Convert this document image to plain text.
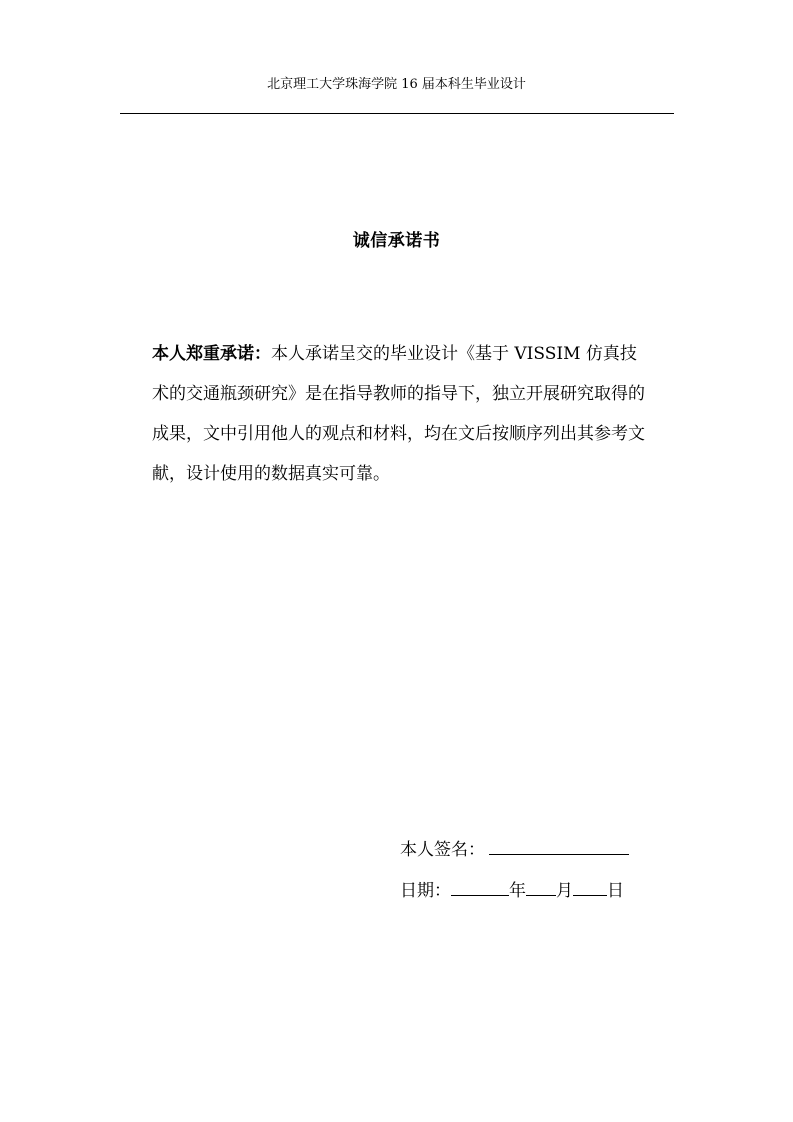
北京理工大学珠海学院 16 届本科生毕业设计
诚信承诺书
本人郑重承诺：本人承诺呈交的毕业设计《基于 VISSIM 仿真技术的交通瓶颈研究》是在指导教师的指导下，独立开展研究取得的成果，文中引用他人的观点和材料，均在文后按顺序列出其参考文献，设计使用的数据真实可靠。
本人签名：
日期：	年 月 日
